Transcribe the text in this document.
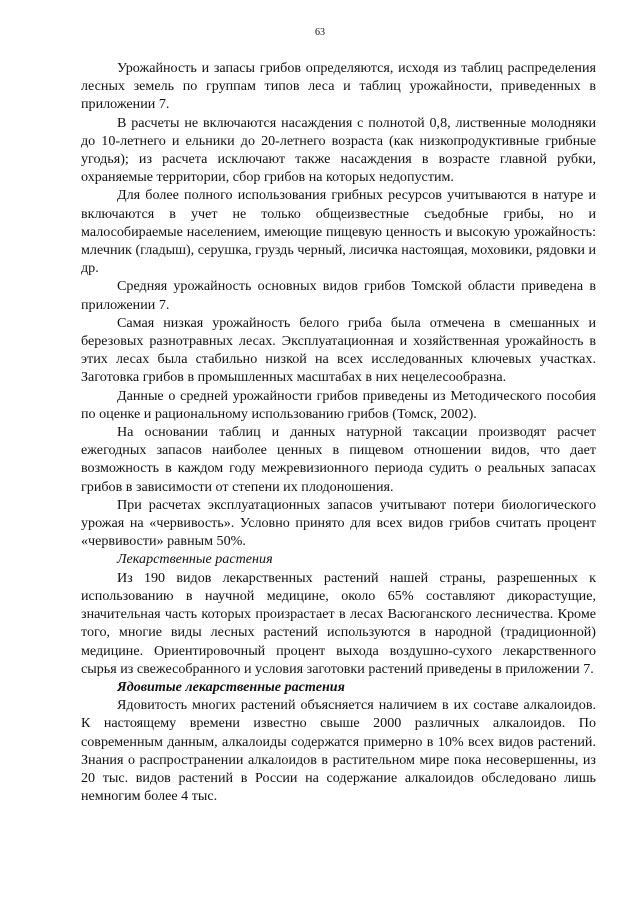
63

Урожайность и запасы грибов определяются, исходя из таблиц распределения лесных земель по группам типов леса и таблиц урожайности, приведенных в приложении 7.

В расчеты не включаются насаждения с полнотой 0,8, лиственные молодняки до 10-летнего и ельники до 20-летнего возраста (как низкопродуктивные грибные угодья); из расчета исключают также насаждения в возрасте главной рубки, охраняемые территории, сбор грибов на которых недопустим.

Для более полного использования грибных ресурсов учитываются в натуре и включаются в учет не только общеизвестные съедобные грибы, но и малособираемые населением, имеющие пищевую ценность и высокую урожайность: млечник (гладыш), серушка, груздь черный, лисичка настоящая, моховики, рядовки и др.

Средняя урожайность основных видов грибов Томской области приведена в приложении 7.

Самая низкая урожайность белого гриба была отмечена в смешанных и березовых разнотравных лесах. Эксплуатационная и хозяйственная урожайность в этих лесах была стабильно низкой на всех исследованных ключевых участках. Заготовка грибов в промышленных масштабах в них нецелесообразна.

Данные о средней урожайности грибов приведены из Методического пособия по оценке и рациональному использованию грибов (Томск, 2002).

На основании таблиц и данных натурной таксации производят расчет ежегодных запасов наиболее ценных в пищевом отношении видов, что дает возможность в каждом году межревизионного периода судить о реальных запасах грибов в зависимости от степени их плодоношения.

При расчетах эксплуатационных запасов учитывают потери биологического урожая на «червивость». Условно принято для всех видов грибов считать процент «червивости» равным 50%.

Лекарственные растения

Из 190 видов лекарственных растений нашей страны, разрешенных к использованию в научной медицине, около 65% составляют дикорастущие, значительная часть которых произрастает в лесах Васюганского лесничества. Кроме того, многие виды лесных растений используются в народной (традиционной) медицине. Ориентировочный процент выхода воздушно-сухого лекарственного сырья из свежесобранного и условия заготовки растений приведены в приложении 7.

Ядовитые лекарственные растения

Ядовитость многих растений объясняется наличием в их составе алкалоидов. К настоящему времени известно свыше 2000 различных алкалоидов. По современным данным, алкалоиды содержатся примерно в 10% всех видов растений. Знания о распространении алкалоидов в растительном мире пока несовершенны, из 20 тыс. видов растений в России на содержание алкалоидов обследовано лишь немногим более 4 тыс.
